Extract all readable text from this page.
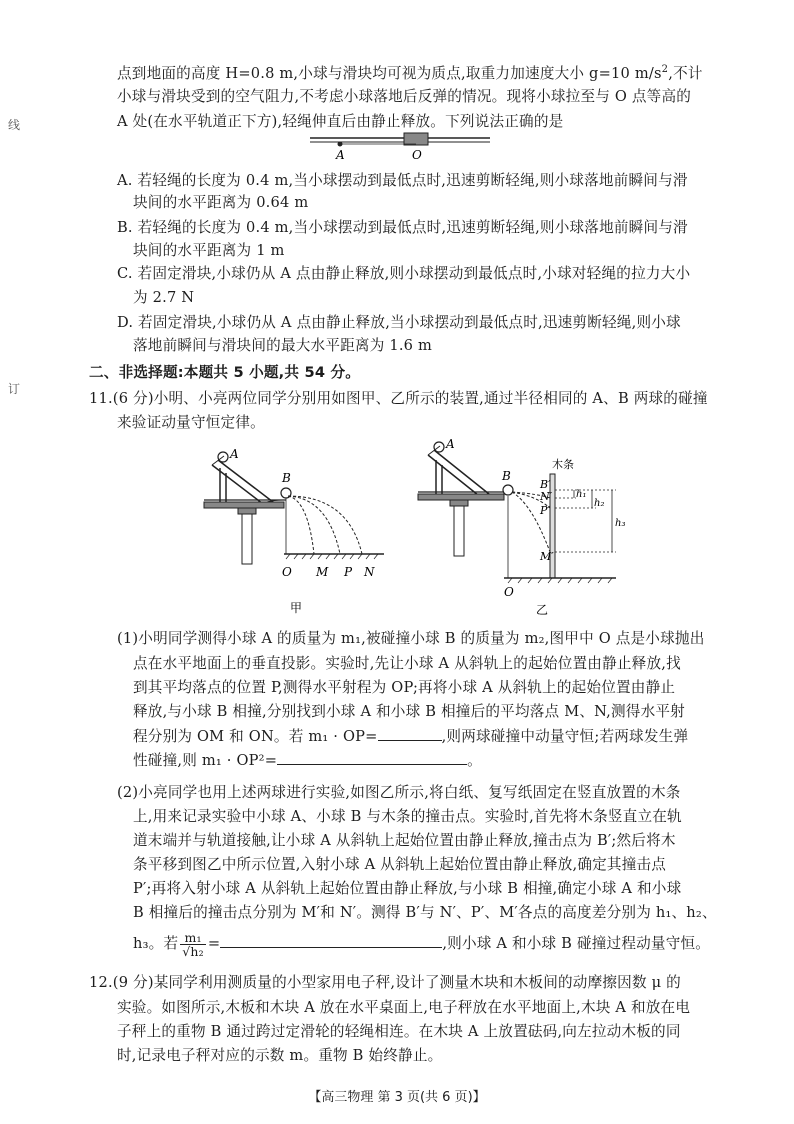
线
订
点到地面的高度 H=0.8 m,小球与滑块均可视为质点,取重力加速度大小 g=10 $m/s^2$,不计
小球与滑块受到的空气阻力,不考虑小球落地后反弹的情况。现将小球拉至与 O 点等高的
A 处(在水平轨道正下方),轻绳伸直后由静止释放。下列说法正确的是
A	O
A. 若轻绳的长度为 0.4 m,当小球摆动到最低点时,迅速剪断轻绳,则小球落地前瞬间与滑
块间的水平距离为 0.64 m
B. 若轻绳的长度为 0.4 m,当小球摆动到最低点时,迅速剪断轻绳,则小球落地前瞬间与滑
块间的水平距离为 1 m
C. 若固定滑块,小球仍从 A 点由静止释放,则小球摆动到最低点时,小球对轻绳的拉力大小
为 2.7 N
D. 若固定滑块,小球仍从 A 点由静止释放,当小球摆动到最低点时,迅速剪断轻绳,则小球
落地前瞬间与滑块间的最大水平距离为 1.6 m
二、非选择题:本题共 5 小题,共 54 分。
11.(6 分)小明、小亮两位同学分别用如图甲、乙所示的装置,通过半径相同的 A、B 两球的碰撞
来验证动量守恒定律。
A
B
O M P N
甲
A
B
木条
B′
N′
P′
M′
h₁
h₂
h₃
O
乙
(1)小明同学测得小球 A 的质量为 m₁,被碰撞小球 B 的质量为 m₂,图甲中 O 点是小球抛出
点在水平地面上的垂直投影。实验时,先让小球 A 从斜轨上的起始位置由静止释放,找
到其平均落点的位置 P,测得水平射程为 OP;再将小球 A 从斜轨上的起始位置由静止
释放,与小球 B 相撞,分别找到小球 A 和小球 B 相撞后的平均落点 M、N,测得水平射
程分别为 OM 和 ON。若 m₁ · OP=	,则两球碰撞中动量守恒;若两球发生弹
性碰撞,则 m₁ · OP²=	。
(2)小亮同学也用上述两球进行实验,如图乙所示,将白纸、复写纸固定在竖直放置的木条
上,用来记录实验中小球 A、小球 B 与木条的撞击点。实验时,首先将木条竖直立在轨
道末端并与轨道接触,让小球 A 从斜轨上起始位置由静止释放,撞击点为 B′;然后将木
条平移到图乙中所示位置,入射小球 A 从斜轨上起始位置由静止释放,确定其撞击点
P′;再将入射小球 A 从斜轨上起始位置由静止释放,与小球 B 相撞,确定小球 A 和小球
B 相撞后的撞击点分别为 M′和 N′。测得 B′与 N′、P′、M′各点的高度差分别为 h₁、h₂、
h₃。若 $\frac{\text{m₁}}{\text{√h₂}}$ =	,则小球 A 和小球 B 碰撞过程动量守恒。
12.(9 分)某同学利用测质量的小型家用电子秤,设计了测量木块和木板间的动摩擦因数 μ 的
实验。如图所示,木板和木块 A 放在水平桌面上,电子秤放在水平地面上,木块 A 和放在电
子秤上的重物 B 通过跨过定滑轮的轻绳相连。在木块 A 上放置砝码,向左拉动木板的同
时,记录电子秤对应的示数 m。重物 B 始终静止。
【高三物理 第 3 页(共 6 页)】
